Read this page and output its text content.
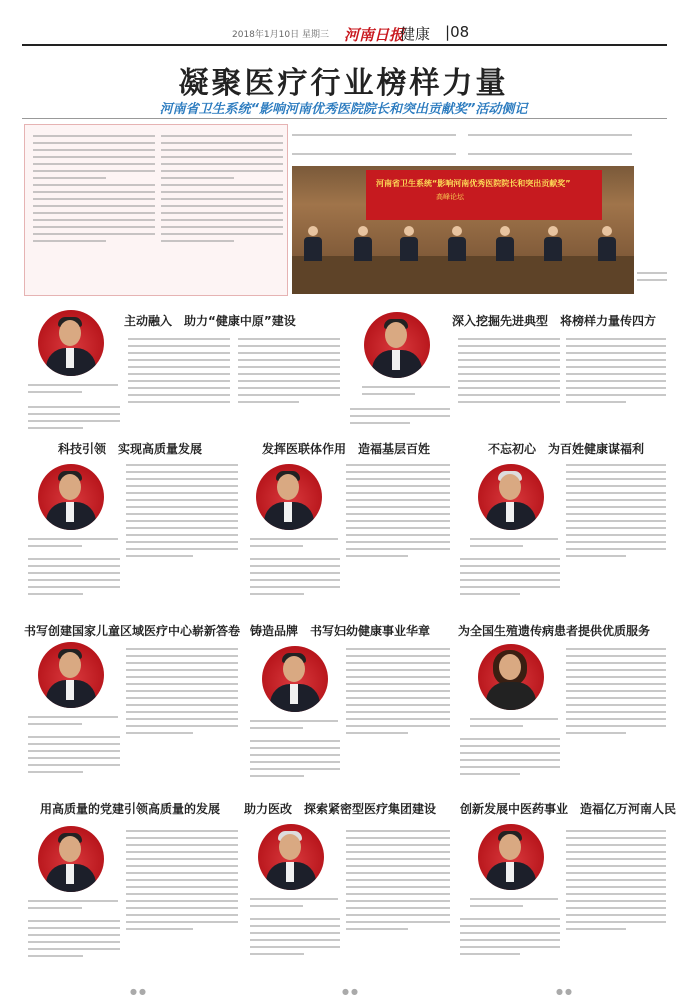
2018年1月10日 星期三 河南日报
健康 |08
凝聚医疗行业榜样力量
河南省卫生系统“影响河南优秀医院院长和突出贡献奖”活动侧记

河南省卫生系统“影响河南优秀医院院长和突出贡献奖”
高峰论坛
主动融入　助力“健康中原”建设	深入挖掘先进典型　将榜样力量传四方
科技引领　实现高质量发展	发挥医联体作用　造福基层百姓	不忘初心　为百姓健康谋福利
书写创建国家儿童区域医疗中心崭新答卷 铸造品牌　书写妇幼健康事业华章 为全国生殖遗传病患者提供优质服务
用高质量的党建引领高质量的发展 助力医改　探索紧密型医疗集团建设 创新发展中医药事业　造福亿万河南人民
●●	●●	●●
